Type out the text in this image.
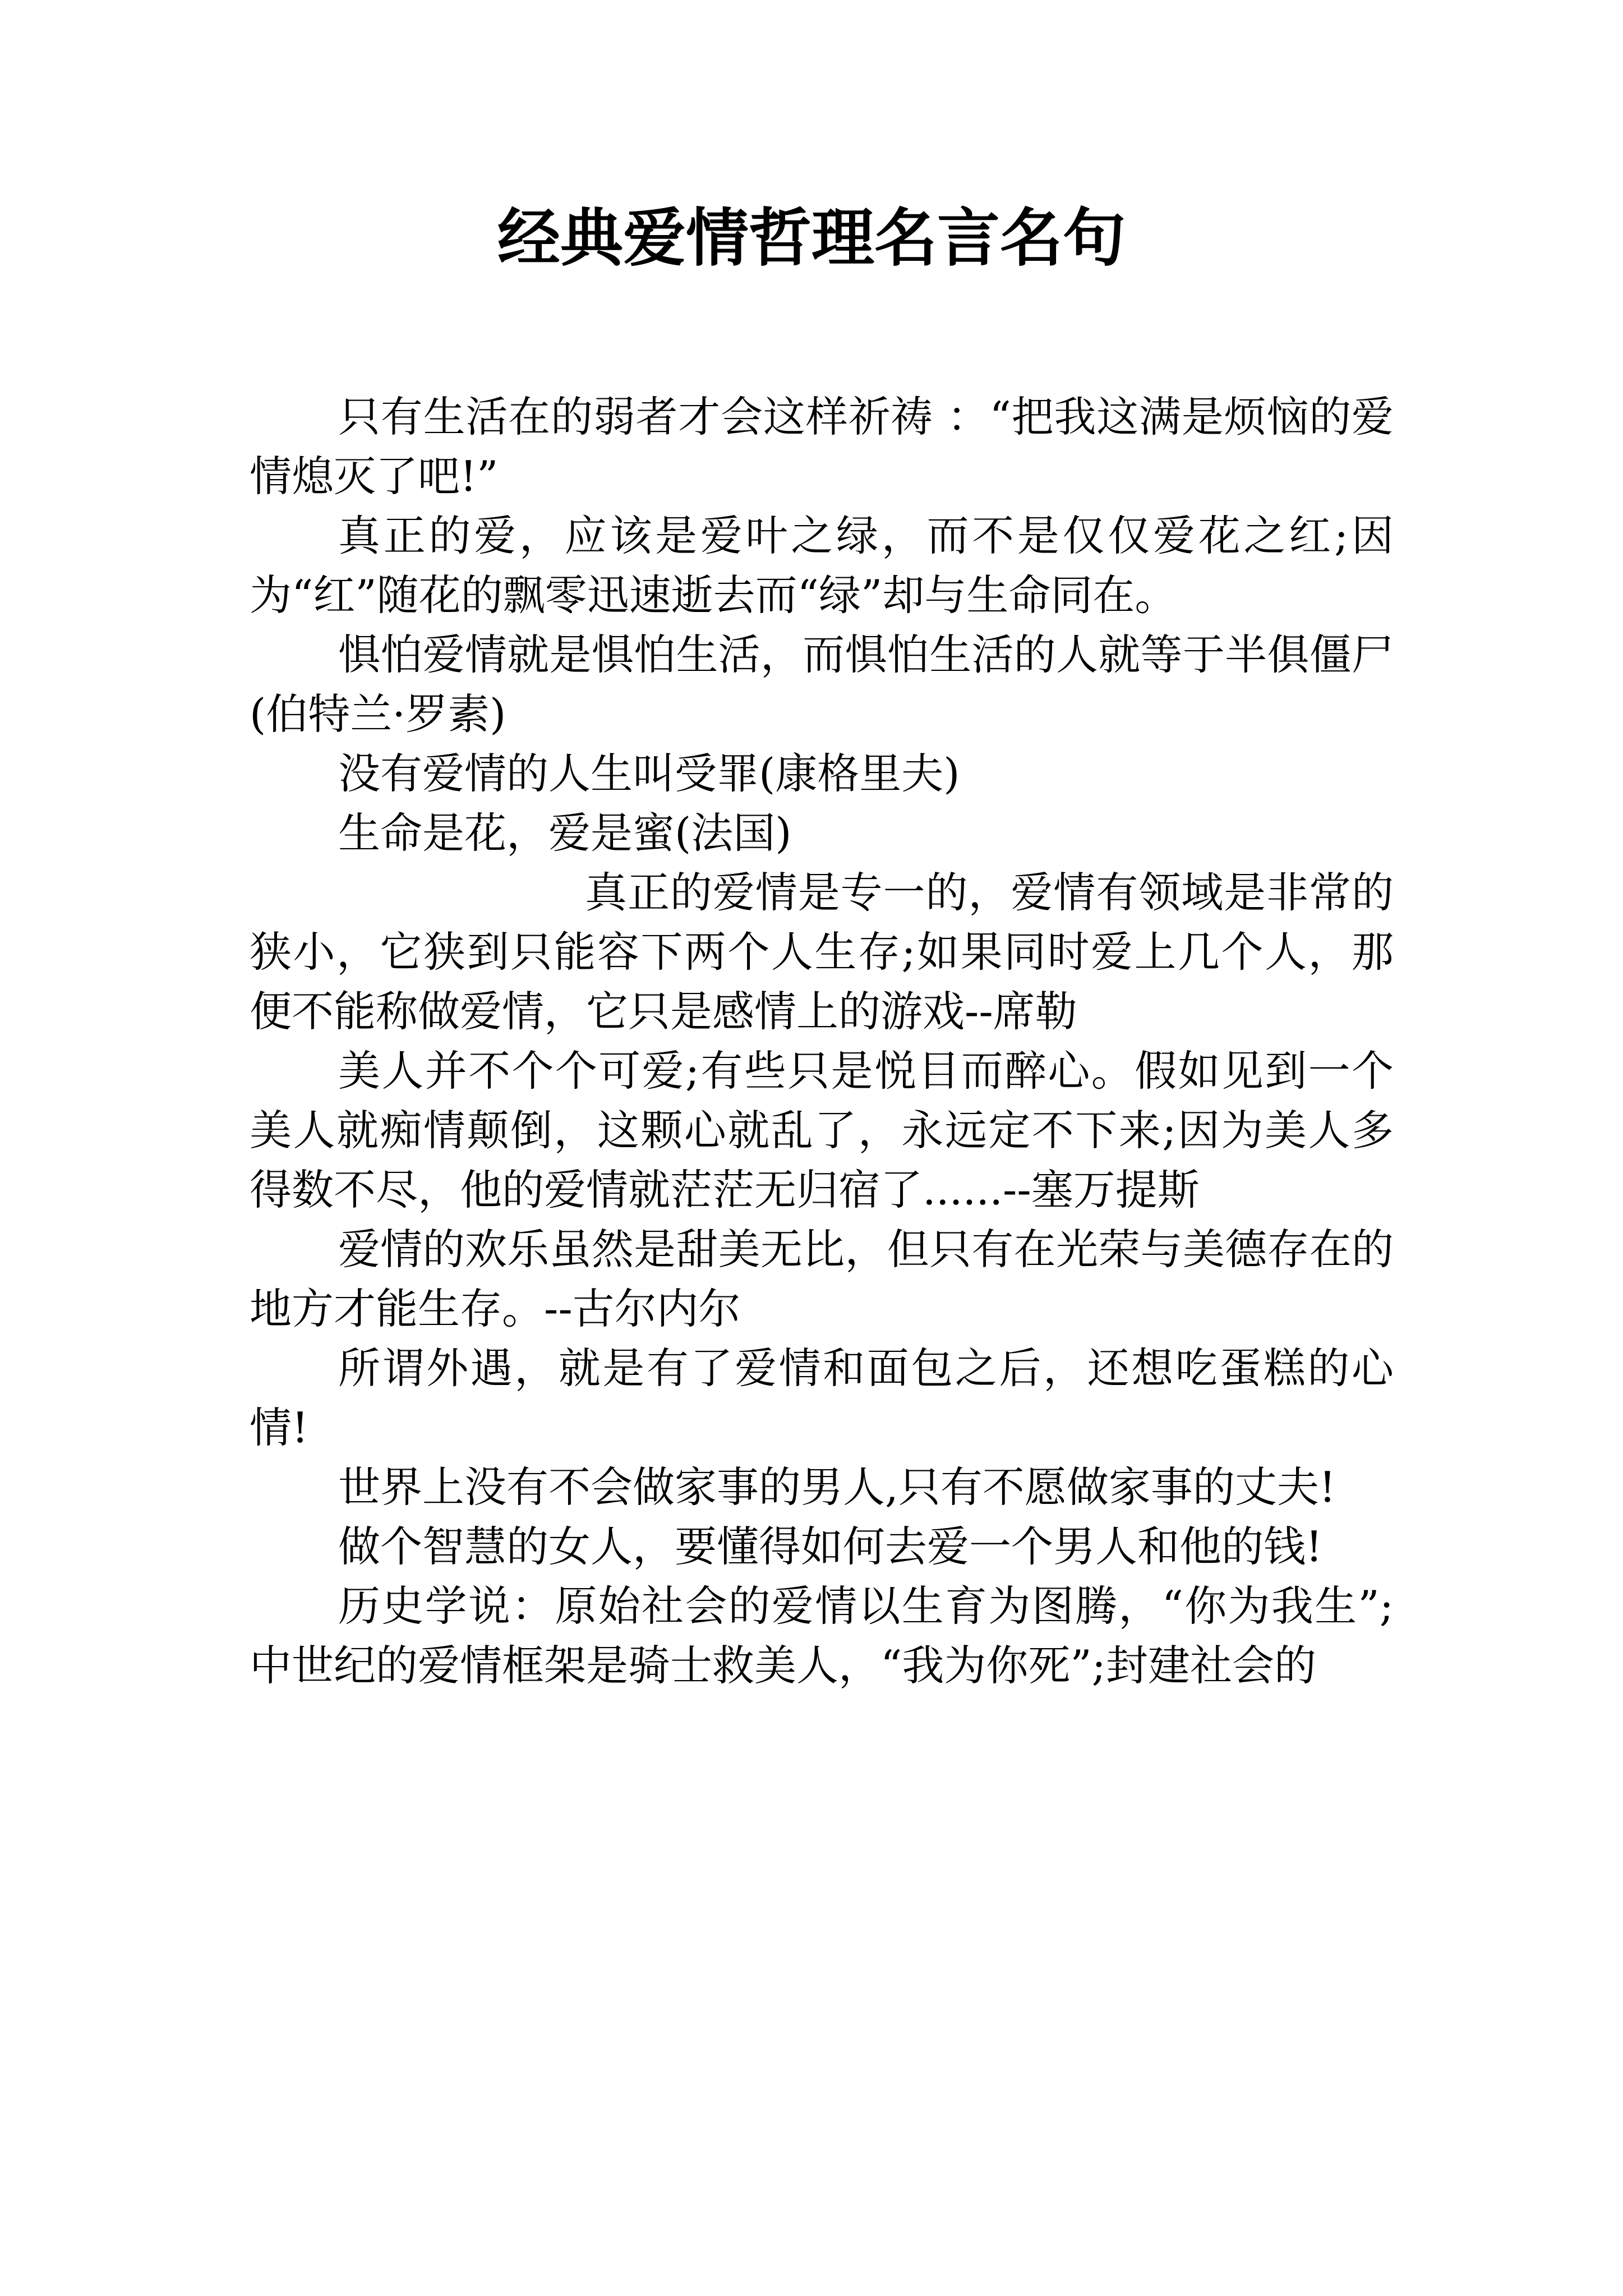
经典爱情哲理名言名句

只有生活在的弱者才会这样祈祷 ：“把我这满是烦恼的爱情熄灭了吧!”

真正的爱，应该是爱叶之绿，而不是仅仅爱花之红;因为“红”随花的飘零迅速逝去而“绿”却与生命同在。

惧怕爱情就是惧怕生活，而惧怕生活的人就等于半俱僵尸(伯特兰·罗素)

没有爱情的人生叫受罪(康格里夫)

生命是花，爱是蜜(法国)

真正的爱情是专一的，爱情有领域是非常的狭小，它狭到只能容下两个人生存;如果同时爱上几个人，那便不能称做爱情，它只是感情上的游戏--席勒

美人并不个个可爱;有些只是悦目而醉心。假如见到一个美人就痴情颠倒，这颗心就乱了，永远定不下来;因为美人多得数不尽，他的爱情就茫茫无归宿了......--塞万提斯

爱情的欢乐虽然是甜美无比，但只有在光荣与美德存在的地方才能生存。--古尔内尔

所谓外遇，就是有了爱情和面包之后，还想吃蛋糕的心情!

世界上没有不会做家事的男人,只有不愿做家事的丈夫!

做个智慧的女人，要懂得如何去爱一个男人和他的钱!

历史学说：原始社会的爱情以生育为图腾，“你为我生”;中世纪的爱情框架是骑士救美人，“我为你死”;封建社会的
